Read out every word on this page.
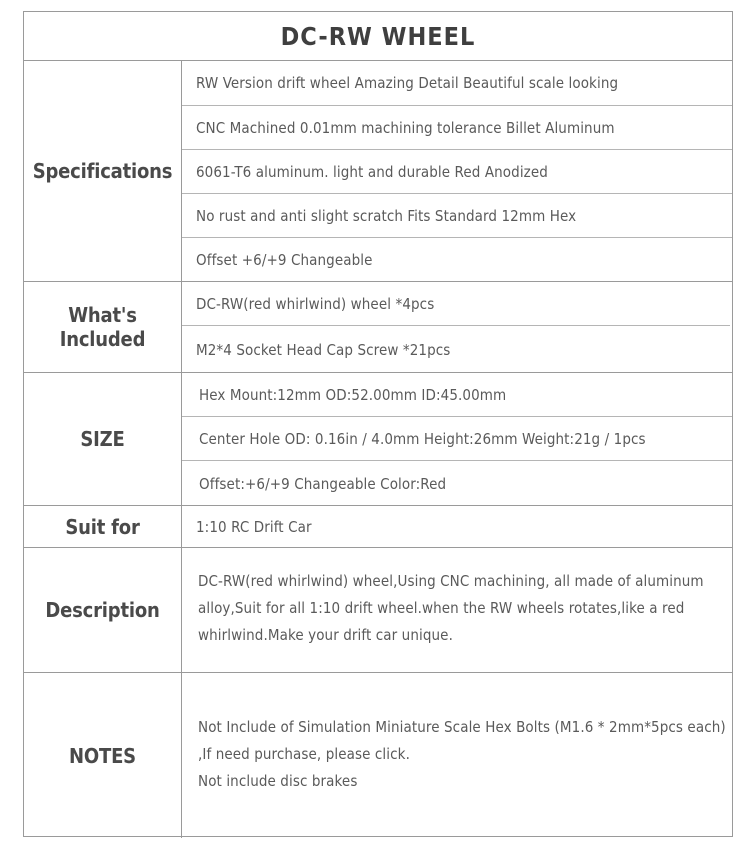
DC-RW WHEEL
Specifications
RW Version drift wheel Amazing Detail Beautiful scale looking
CNC Machined 0.01mm machining tolerance Billet Aluminum
6061-T6 aluminum. light and durable Red Anodized
No rust and anti slight scratch Fits Standard 12mm Hex
Offset +6/+9 Changeable
What's Included
DC-RW(red whirlwind) wheel *4pcs
M2*4 Socket Head Cap Screw *21pcs
SIZE
Hex Mount:12mm OD:52.00mm ID:45.00mm
Center Hole OD: 0.16in / 4.0mm Height:26mm Weight:21g / 1pcs
Offset:+6/+9 Changeable Color:Red
Suit for	1:10 RC Drift Car
Description
DC-RW(red whirlwind) wheel,Using CNC machining, all made of aluminum
alloy,Suit for all 1:10 drift wheel.when the RW wheels rotates,like a red
whirlwind.Make your drift car unique.
NOTES
Not Include of Simulation Miniature Scale Hex Bolts (M1.6 * 2mm*5pcs each)
,If need purchase, please click.
Not include disc brakes
